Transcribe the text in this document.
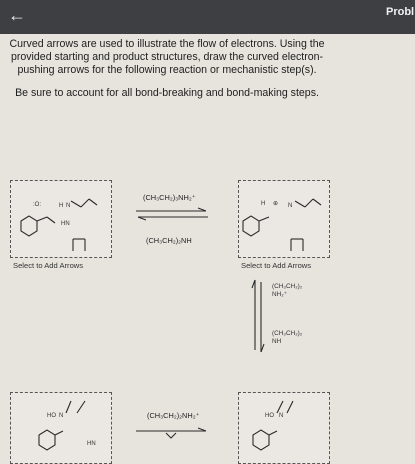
←	Probl

Curved arrows are used to illustrate the flow of electrons. Using the provided starting and product structures, draw the curved electron-pushing arrows for the following reaction or mechanistic step(s).

Be sure to account for all bond-breaking and bond-making steps.

:O:	H N
HN
Select to Add Arrows
(CH₃CH₂)₃NH₂⁺
(CH₃CH₂)₂NH
H ⊕ N
Select to Add Arrows
(CH₃CH₂)₂
NH₂⁺
(CH₃CH₂)₂
NH
HO N
HN
(CH₃CH₂)₂NH₂⁺	HO N
